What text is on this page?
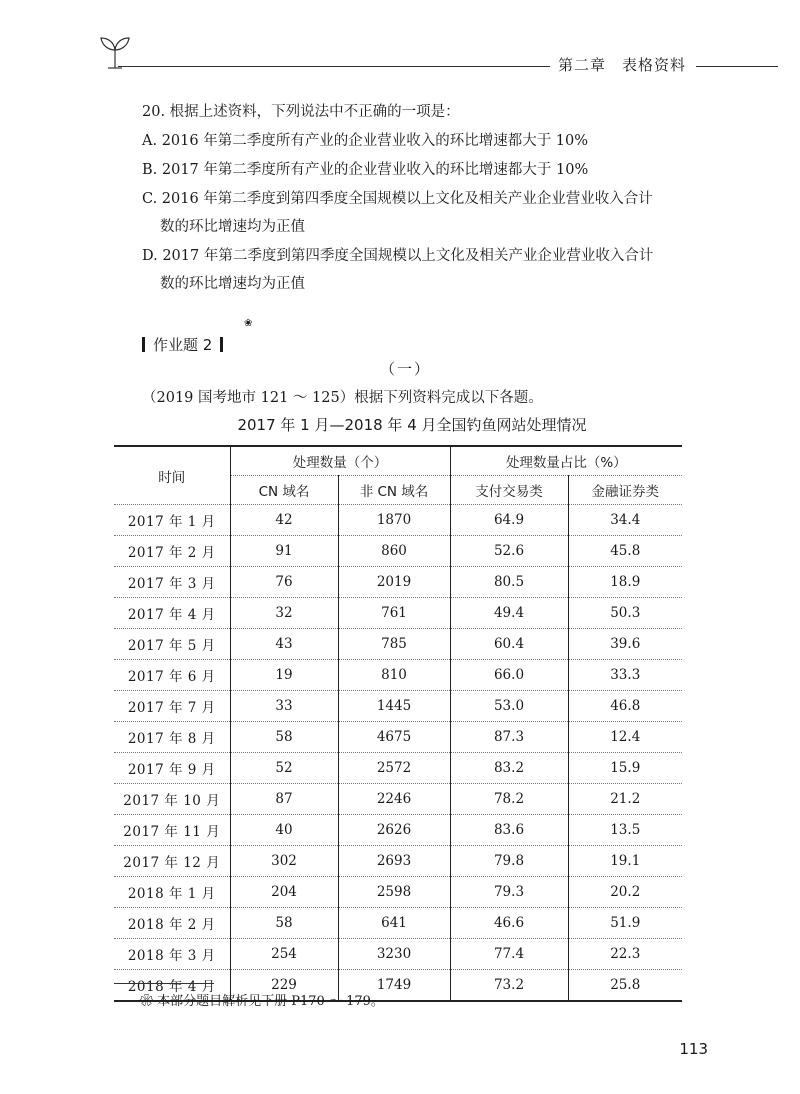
第二章　表格资料
20. 根据上述资料，下列说法中不正确的一项是：
A. 2016 年第二季度所有产业的企业营业收入的环比增速都大于 10%
B. 2017 年第二季度所有产业的企业营业收入的环比增速都大于 10%
C. 2016 年第二季度到第四季度全国规模以上文化及相关产业企业营业收入合计
数的环比增速均为正值
D. 2017 年第二季度到第四季度全国规模以上文化及相关产业企业营业收入合计
数的环比增速均为正值
作业题 2
❀
（一）
（2019 国考地市 121 ～ 125）根据下列资料完成以下各题。
2017 年 1 月—2018 年 4 月全国钓鱼网站处理情况
时间	处理数量（个）		处理数量占比（%）	
	CN 域名	非 CN 域名	支付交易类	金融证券类
2017 年 1 月	42	1870	64.9	34.4
2017 年 2 月	91	860	52.6	45.8
2017 年 3 月	76	2019	80.5	18.9
2017 年 4 月	32	761	49.4	50.3
2017 年 5 月	43	785	60.4	39.6
2017 年 6 月	19	810	66.0	33.3
2017 年 7 月	33	1445	53.0	46.8
2017 年 8 月	58	4675	87.3	12.4
2017 年 9 月	52	2572	83.2	15.9
2017 年 10 月	87	2246	78.2	21.2
2017 年 11 月	40	2626	83.6	13.5
2017 年 12 月	302	2693	79.8	19.1
2018 年 1 月	204	2598	79.3	20.2
2018 年 2 月	58	641	46.6	51.9
2018 年 3 月	254	3230	77.4	22.3
2018 年 4 月	229	1749	73.2	25.8
❀ 本部分题目解析见下册 P170 ～ 179。
113
